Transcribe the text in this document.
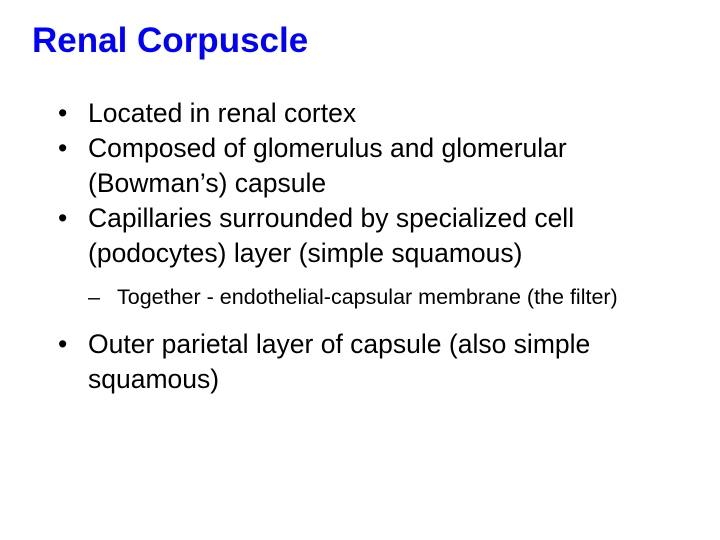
Renal Corpuscle
• Located in renal cortex
• Composed of glomerulus and glomerular (Bowman’s) capsule
• Capillaries surrounded by specialized cell (podocytes) layer (simple squamous)
– Together - endothelial-capsular membrane (the filter)
• Outer parietal layer of capsule (also simple squamous)
